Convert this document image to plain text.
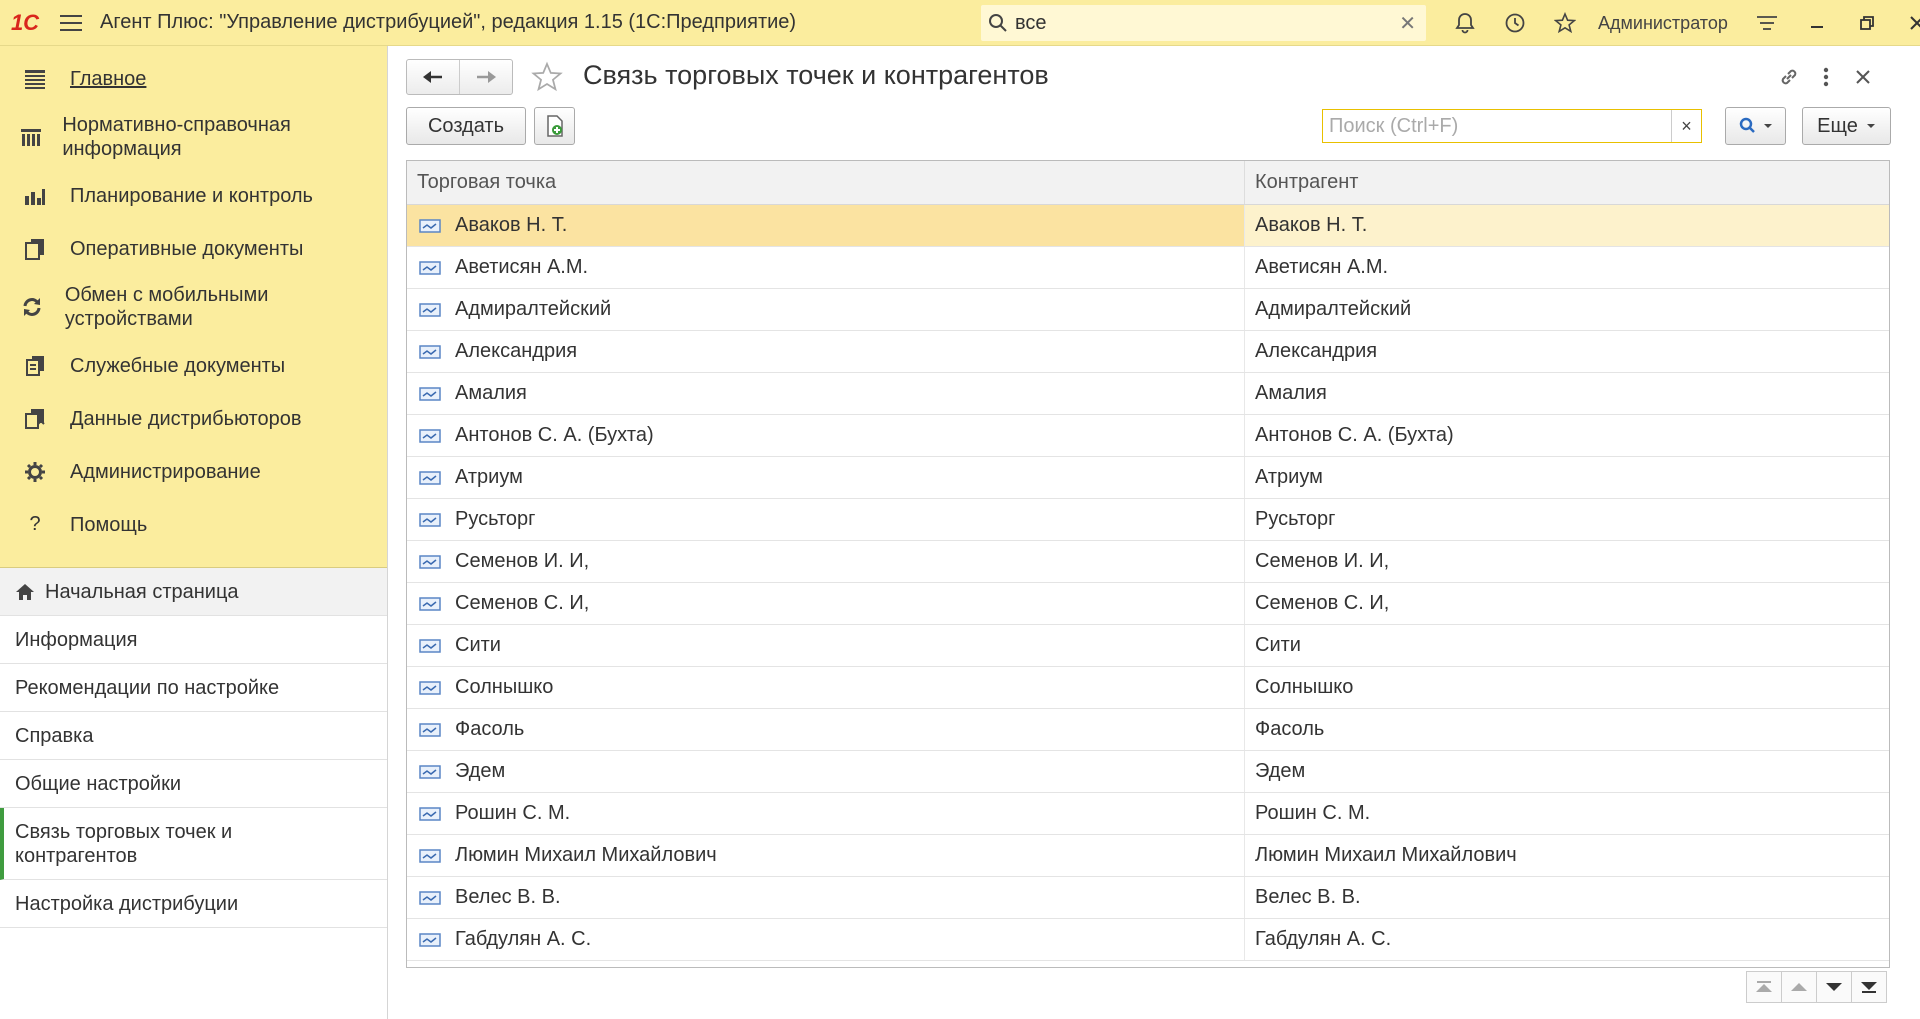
1С	Агент Плюс: "Управление дистрибуцией", редакция 1.15 (1С:Предприятие)
все	✕	Администратор
Главное
Нормативно-справочная информация
Планирование и контроль
Оперативные документы
Обмен с мобильными устройствами
Служебные документы
Данные дистрибьюторов
Администрирование
?	Помощь
Начальная страница
Информация
Рекомендации по настройке
Справка
Общие настройки
Связь торговых точек и контрагентов
Настройка дистрибуции
Связь торговых точек и контрагентов
Создать
Поиск (Ctrl+F)	×	Еще
Торговая точка	Контрагент
Аваков Н. Т.	Аваков Н. Т.
Аветисян А.М.	Аветисян А.М.
Адмиралтейский	Адмиралтейский
Александрия	Александрия
Амалия	Амалия
Антонов С. А. (Бухта)	Антонов С. А. (Бухта)
Атриум	Атриум
Русьторг	Русьторг
Семенов И. И,	Семенов И. И,
Семенов С. И,	Семенов С. И,
Сити	Сити
Солнышко	Солнышко
Фасоль	Фасоль
Эдем	Эдем
Рошин С. М.	Рошин С. М.
Люмин Михаил Михайлович	Люмин Михаил Михайлович
Велес В. В.	Велес В. В.
Габдулян А. С.	Габдулян А. С.
